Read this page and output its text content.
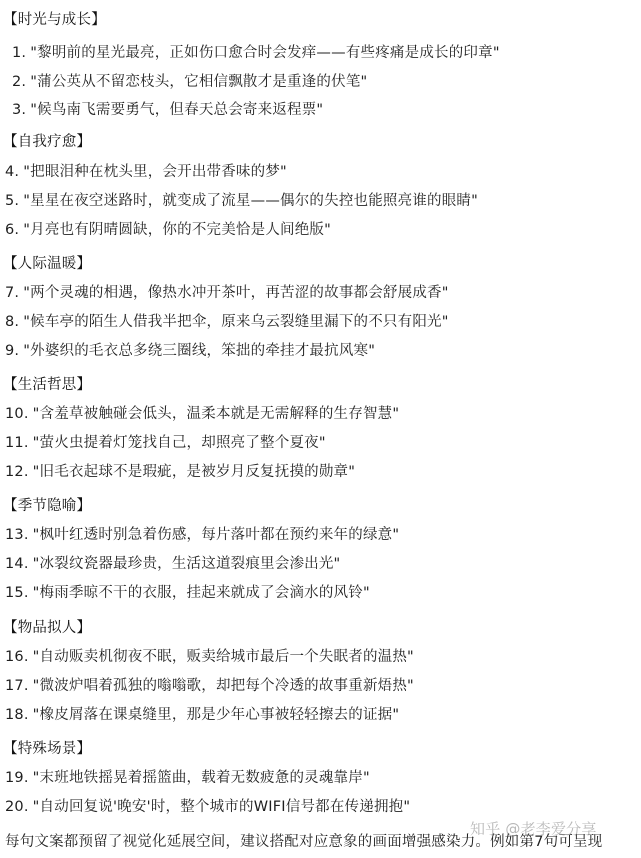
【时光与成长】
1. "黎明前的星光最亮，正如伤口愈合时会发痒——有些疼痛是成长的印章"
2. "蒲公英从不留恋枝头，它相信飘散才是重逢的伏笔"
3. "候鸟南飞需要勇气，但春天总会寄来返程票"
【自我疗愈】
4. "把眼泪种在枕头里，会开出带香味的梦"
5. "星星在夜空迷路时，就变成了流星——偶尔的失控也能照亮谁的眼睛"
6. "月亮也有阴晴圆缺，你的不完美恰是人间绝版"
【人际温暖】
7. "两个灵魂的相遇，像热水冲开茶叶，再苦涩的故事都会舒展成香"
8. "候车亭的陌生人借我半把伞，原来乌云裂缝里漏下的不只有阳光"
9. "外婆织的毛衣总多绕三圈线，笨拙的牵挂才最抗风寒"
【生活哲思】
10. "含羞草被触碰会低头，温柔本就是无需解释的生存智慧"
11. "萤火虫提着灯笼找自己，却照亮了整个夏夜"
12. "旧毛衣起球不是瑕疵，是被岁月反复抚摸的勋章"
【季节隐喻】
13. "枫叶红透时别急着伤感，每片落叶都在预约来年的绿意"
14. "冰裂纹瓷器最珍贵，生活这道裂痕里会渗出光"
15. "梅雨季晾不干的衣服，挂起来就成了会滴水的风铃"
【物品拟人】
16. "自动贩卖机彻夜不眠，贩卖给城市最后一个失眠者的温热"
17. "微波炉唱着孤独的嗡嗡歌，却把每个冷透的故事重新焐热"
18. "橡皮屑落在课桌缝里，那是少年心事被轻轻擦去的证据"
【特殊场景】
19. "末班地铁摇晃着摇篮曲，载着无数疲惫的灵魂靠岸"
20. "自动回复说'晚安'时，整个城市的WIFI信号都在传递拥抱"
知乎 @老李爱分享
每句文案都预留了视觉化延展空间，建议搭配对应意象的画面增强感染力。例如第7句可呈现
